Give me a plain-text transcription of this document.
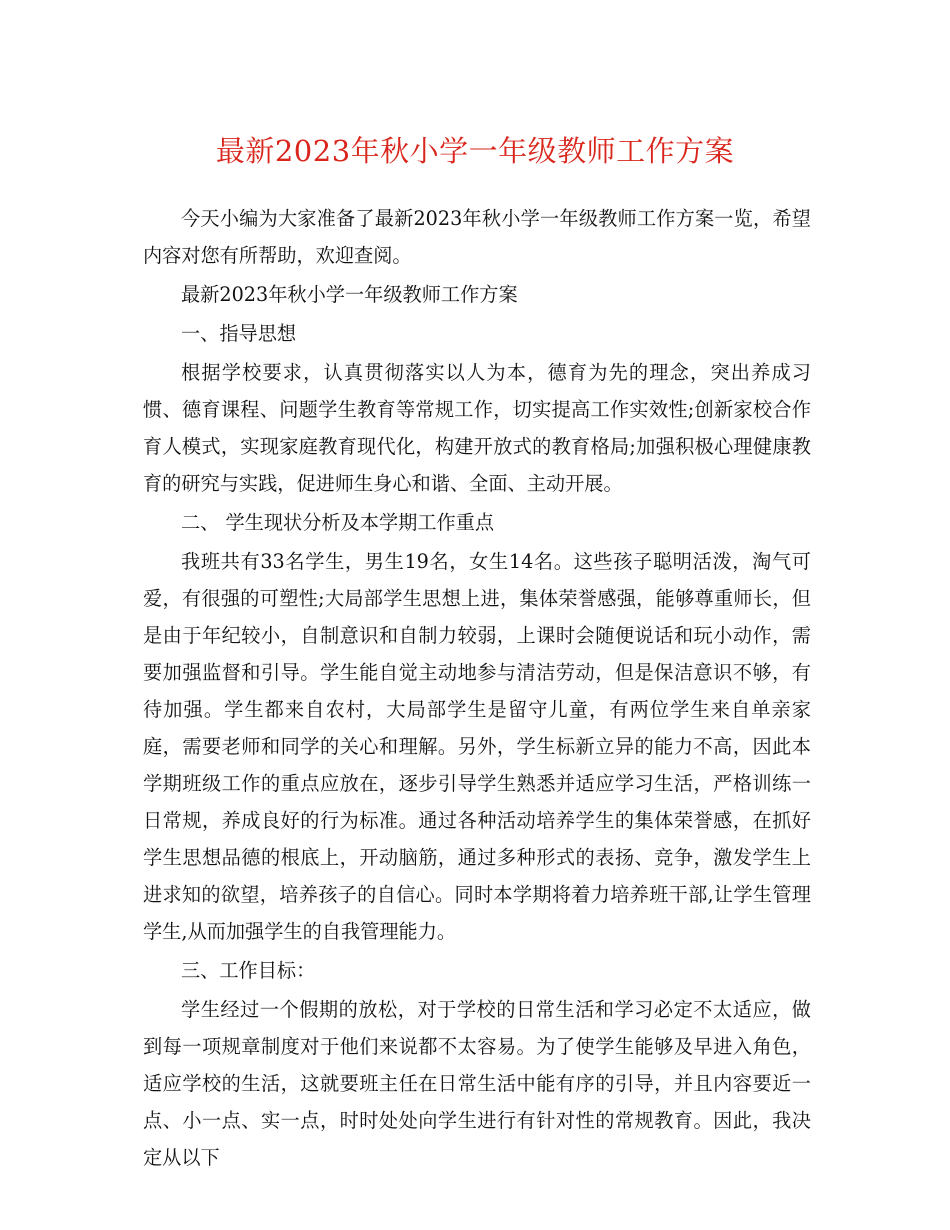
最新2023年秋小学一年级教师工作方案

今天小编为大家准备了最新2023年秋小学一年级教师工作方案一览，希望内容对您有所帮助，欢迎查阅。

最新2023年秋小学一年级教师工作方案

一、指导思想

根据学校要求，认真贯彻落实以人为本，德育为先的理念，突出养成习惯、德育课程、问题学生教育等常规工作，切实提高工作实效性;创新家校合作育人模式，实现家庭教育现代化，构建开放式的教育格局;加强积极心理健康教育的研究与实践，促进师生身心和谐、全面、主动开展。

二、 学生现状分析及本学期工作重点

我班共有33名学生，男生19名，女生14名。这些孩子聪明活泼，淘气可爱，有很强的可塑性;大局部学生思想上进，集体荣誉感强，能够尊重师长，但是由于年纪较小，自制意识和自制力较弱，上课时会随便说话和玩小动作，需要加强监督和引导。学生能自觉主动地参与清洁劳动，但是保洁意识不够，有待加强。学生都来自农村，大局部学生是留守儿童，有两位学生来自单亲家庭，需要老师和同学的关心和理解。另外，学生标新立异的能力不高，因此本学期班级工作的重点应放在，逐步引导学生熟悉并适应学习生活，严格训练一日常规，养成良好的行为标准。通过各种活动培养学生的集体荣誉感，在抓好学生思想品德的根底上，开动脑筋，通过多种形式的表扬、竞争，激发学生上进求知的欲望，培养孩子的自信心。同时本学期将着力培养班干部,让学生管理学生,从而加强学生的自我管理能力。

三、工作目标：

学生经过一个假期的放松，对于学校的日常生活和学习必定不太适应，做到每一项规章制度对于他们来说都不太容易。为了使学生能够及早进入角色，适应学校的生活，这就要班主任在日常生活中能有序的引导，并且内容要近一点、小一点、实一点，时时处处向学生进行有针对性的常规教育。因此，我决定从以下
